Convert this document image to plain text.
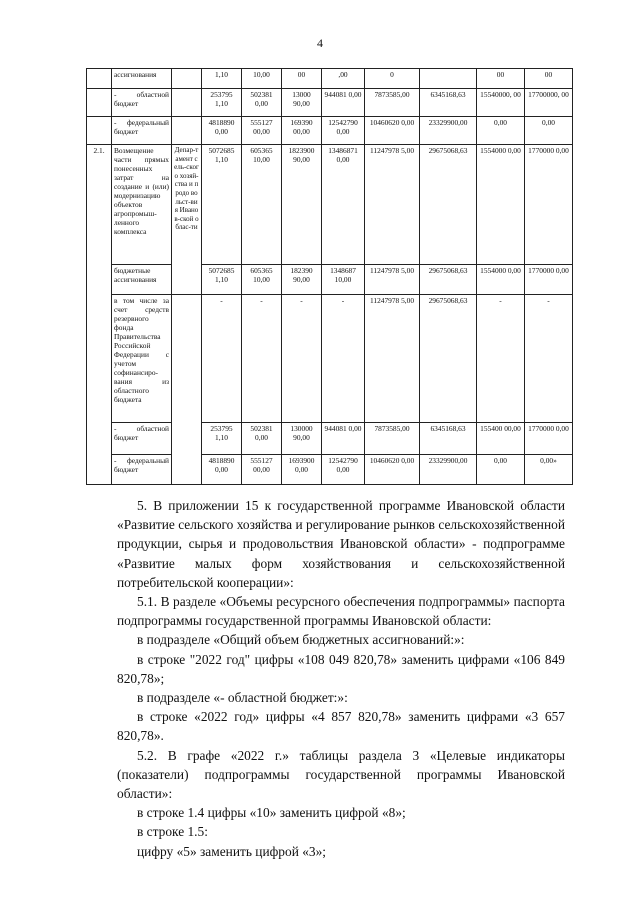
4
	ассигнования		1,10	10,00	00	,00	0		00	00
	- областной бюджет		253795 1,10	502381 0,00	13000 90,00	944081 0,00	7873585,00	6345168,63	15540000, 00	17700000, 00
	- федеральный бюджет		4818890 0,00	555127 00,00	169390 00,00	12542790 0,00	10460620 0,00	23329900,00	0,00	0,00
2.1.	Возмещение части прямых понесенных затрат на создание и (или) модернизацию объектов агропромыш-ленного комплекса	Депар-тамент сель-ского хозяй-ства и продо вольст-вия Иванов-ской облас-ти	5072685 1,10	605365 10,00	1823900 90,00	13486871 0,00	11247978 5,00	29675068,63	1554000 0,00	1770000 0,00
	бюджетные ассигнования		5072685 1,10	605365 10,00	182390 90,00	1348687 10,00	11247978 5,00	29675068,63	1554000 0,00	1770000 0,00
	в том числе за счет средств резервного фонда Правительства Российской Федерации с учетом софинансиро-вания из областного бюджета		-	-	-	-	11247978 5,00	29675068,63	-	-
	- областной бюджет		253795 1,10	502381 0,00	130000 90,00	944081 0,00	7873585,00	6345168,63	155400 00,00	1770000 0,00
	- федеральный бюджет		4818890 0,00	555127 00,00	1693900 0,00	12542790 0,00	10460620 0,00	23329900,00	0,00	0,00»

5. В приложении 15 к государственной программе Ивановской области «Развитие сельского хозяйства и регулирование рынков сельскохозяйственной продукции, сырья и продовольствия Ивановской области» - подпрограмме «Развитие малых форм хозяйствования и сельскохозяйственной потребительской кооперации»:

5.1. В разделе «Объемы ресурсного обеспечения подпрограммы» паспорта подпрограммы государственной программы Ивановской области:

в подразделе «Общий объем бюджетных ассигнований:»:

в строке "2022 год" цифры «108 049 820,78» заменить цифрами «106 849 820,78»;

в подразделе «- областной бюджет:»:

в строке «2022 год» цифры «4 857 820,78» заменить цифрами «3 657 820,78».

5.2. В графе «2022 г.» таблицы раздела 3 «Целевые индикаторы (показатели) подпрограммы государственной программы Ивановской области»:

в строке 1.4 цифры «10» заменить цифрой «8»;

в строке 1.5:

цифру «5» заменить цифрой «3»;
